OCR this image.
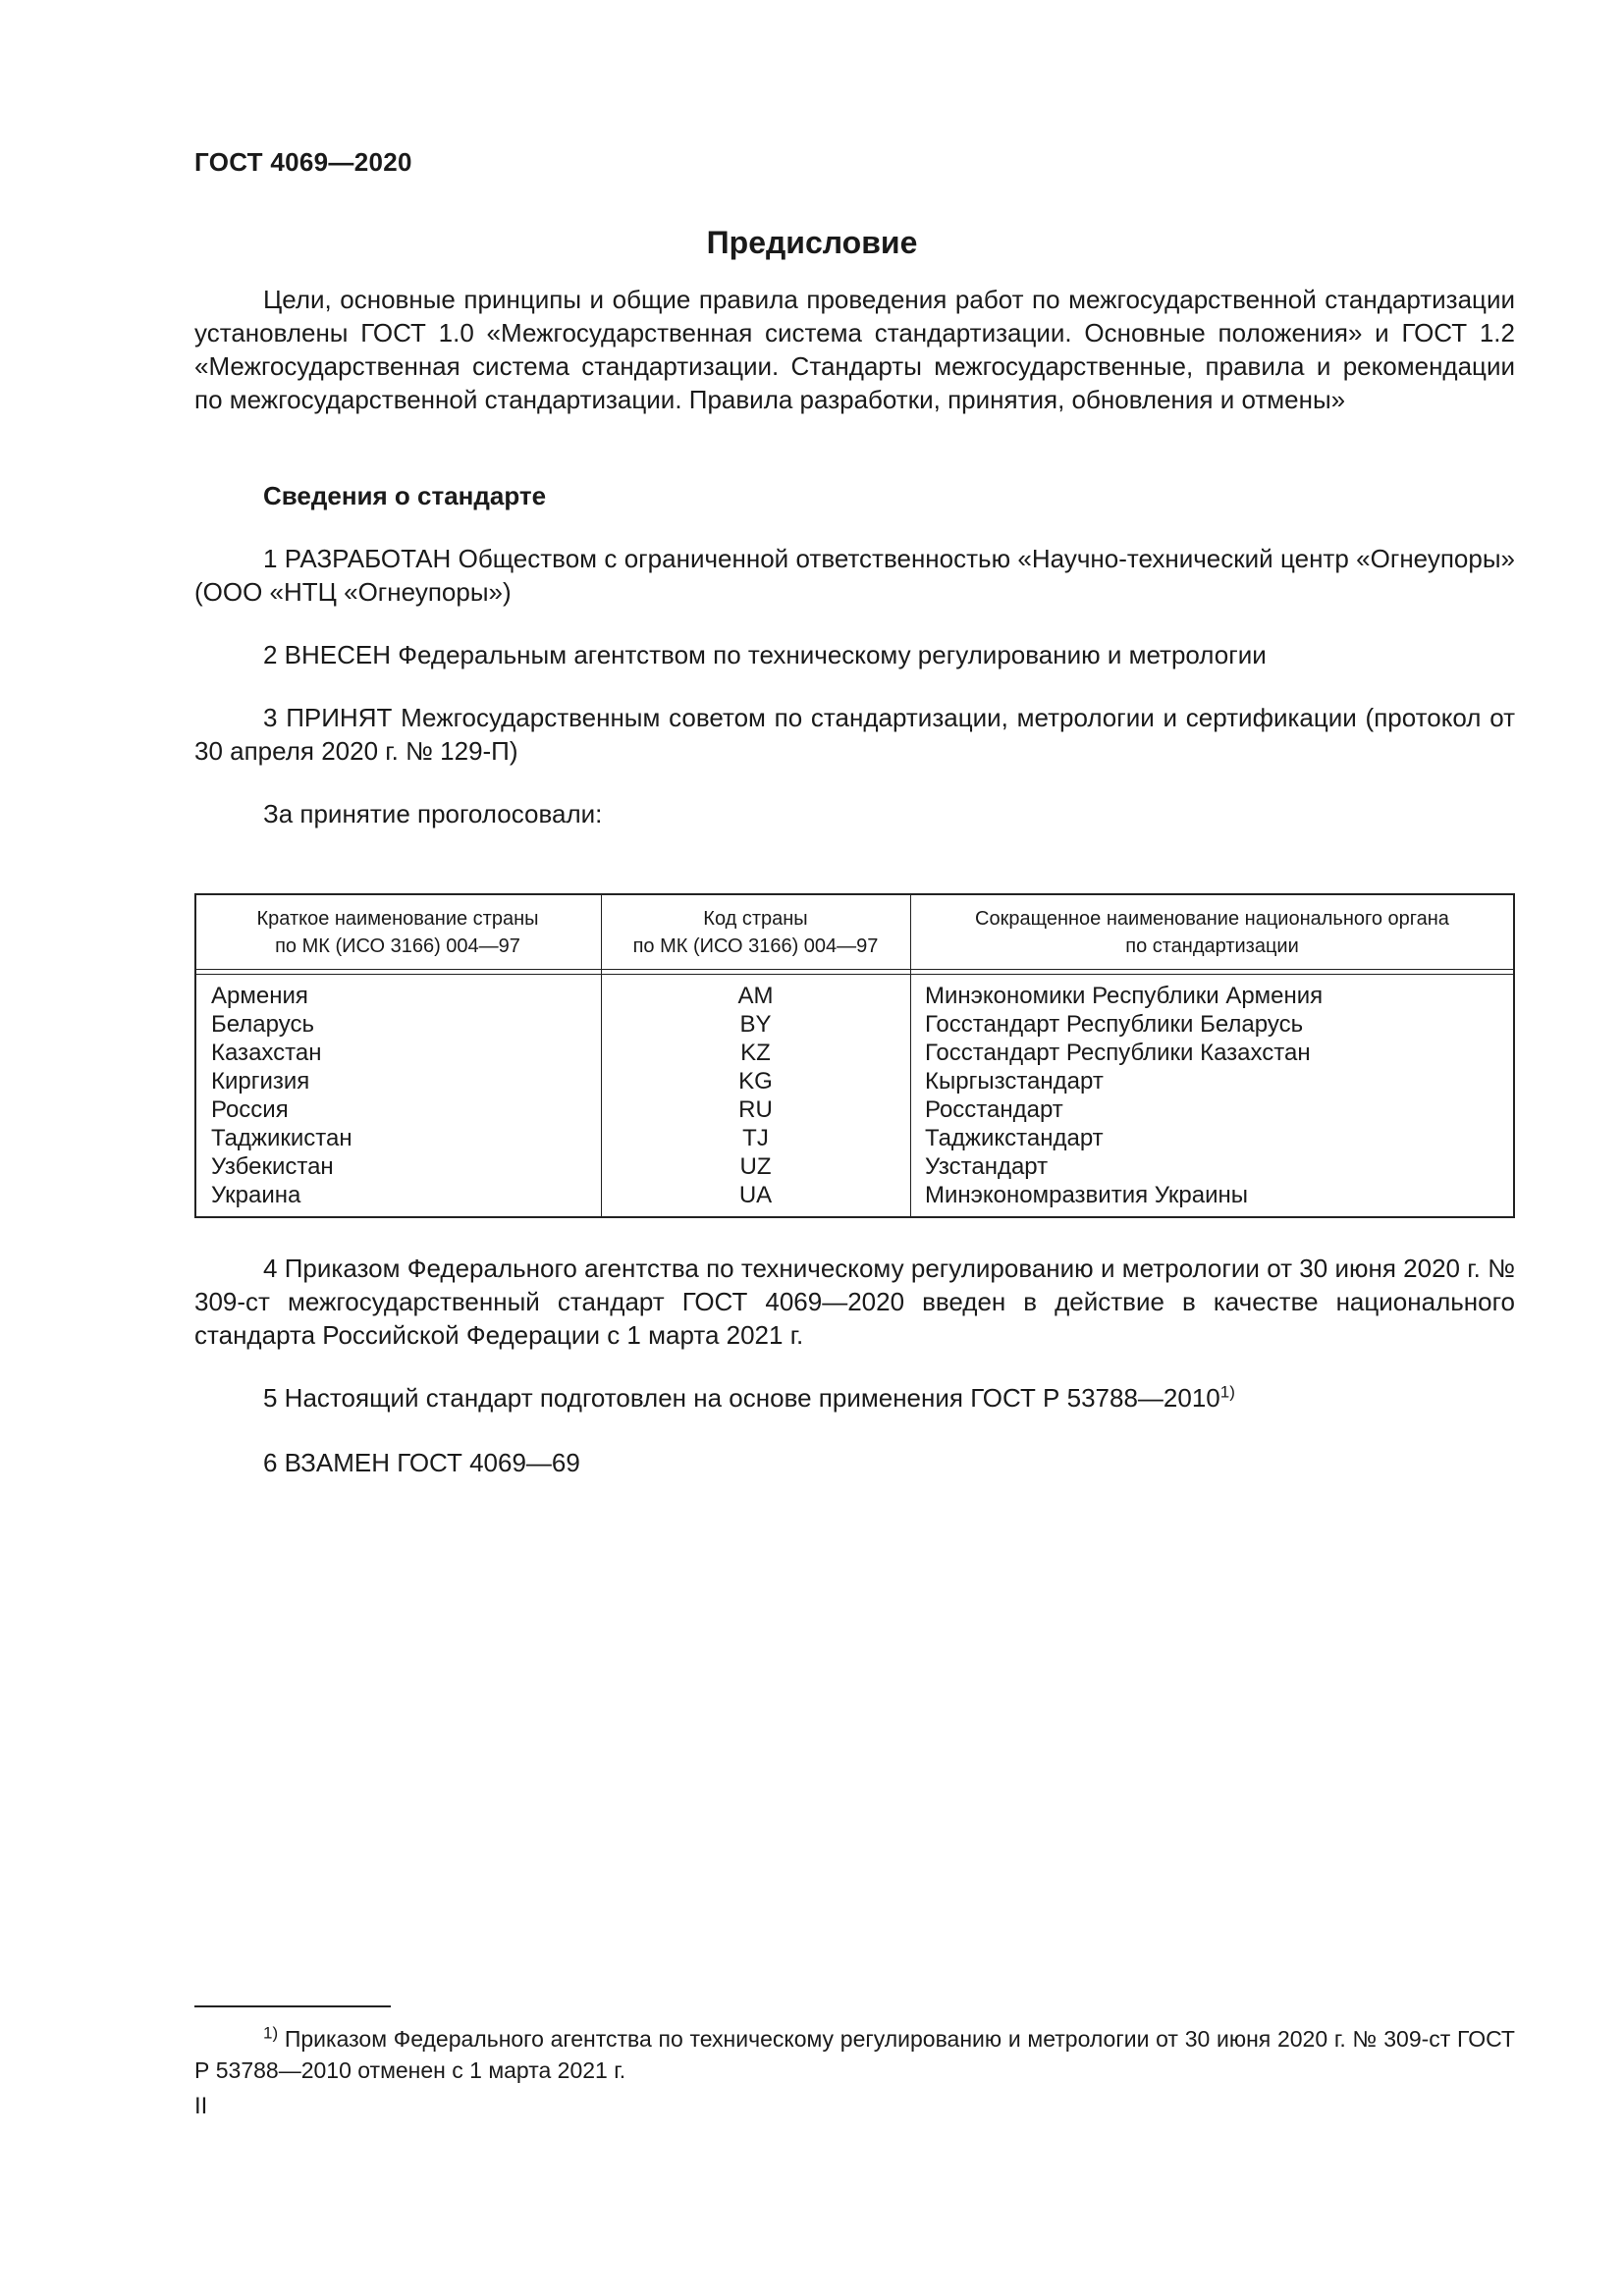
ГОСТ 4069—2020
Предисловие

Цели, основные принципы и общие правила проведения работ по межгосударственной стандартизации установлены ГОСТ 1.0 «Межгосударственная система стандартизации. Основные положения» и ГОСТ 1.2 «Межгосударственная система стандартизации. Стандарты межгосударственные, правила и рекомендации по межгосударственной стандартизации. Правила разработки, принятия, обновления и отмены»

Сведения о стандарте

1 РАЗРАБОТАН Обществом с ограниченной ответственностью «Научно-технический центр «Огнеупоры» (ООО «НТЦ «Огнеупоры»)

2 ВНЕСЕН Федеральным агентством по техническому регулированию и метрологии

3 ПРИНЯТ Межгосударственным советом по стандартизации, метрологии и сертификации (протокол от 30 апреля 2020 г. № 129-П)

За принятие проголосовали:

Краткое наименование страны
по МК (ИСО 3166) 004—97
Код страны
по МК (ИСО 3166) 004—97
Сокращенное наименование национального органа
по стандартизации
Армения
Беларусь
Казахстан
Киргизия
Россия
Таджикистан
Узбекистан
Украина
AM
BY
KZ
KG
RU
TJ
UZ
UA
Минэкономики Республики Армения
Госстандарт Республики Беларусь
Госстандарт Республики Казахстан
Кыргызстандарт
Росстандарт
Таджикстандарт
Узстандарт
Минэкономразвития Украины

4 Приказом Федерального агентства по техническому регулированию и метрологии от 30 июня 2020 г. № 309-ст межгосударственный стандарт ГОСТ 4069—2020 введен в действие в качестве национального стандарта Российской Федерации с 1 марта 2021 г.

5 Настоящий стандарт подготовлен на основе применения ГОСТ Р 53788—2010$^{1)}$

6 ВЗАМЕН ГОСТ 4069—69

$^{1)}$ Приказом Федерального агентства по техническому регулированию и метрологии от 30 июня 2020 г. № 309-ст ГОСТ Р 53788—2010 отменен с 1 марта 2021 г.

II
